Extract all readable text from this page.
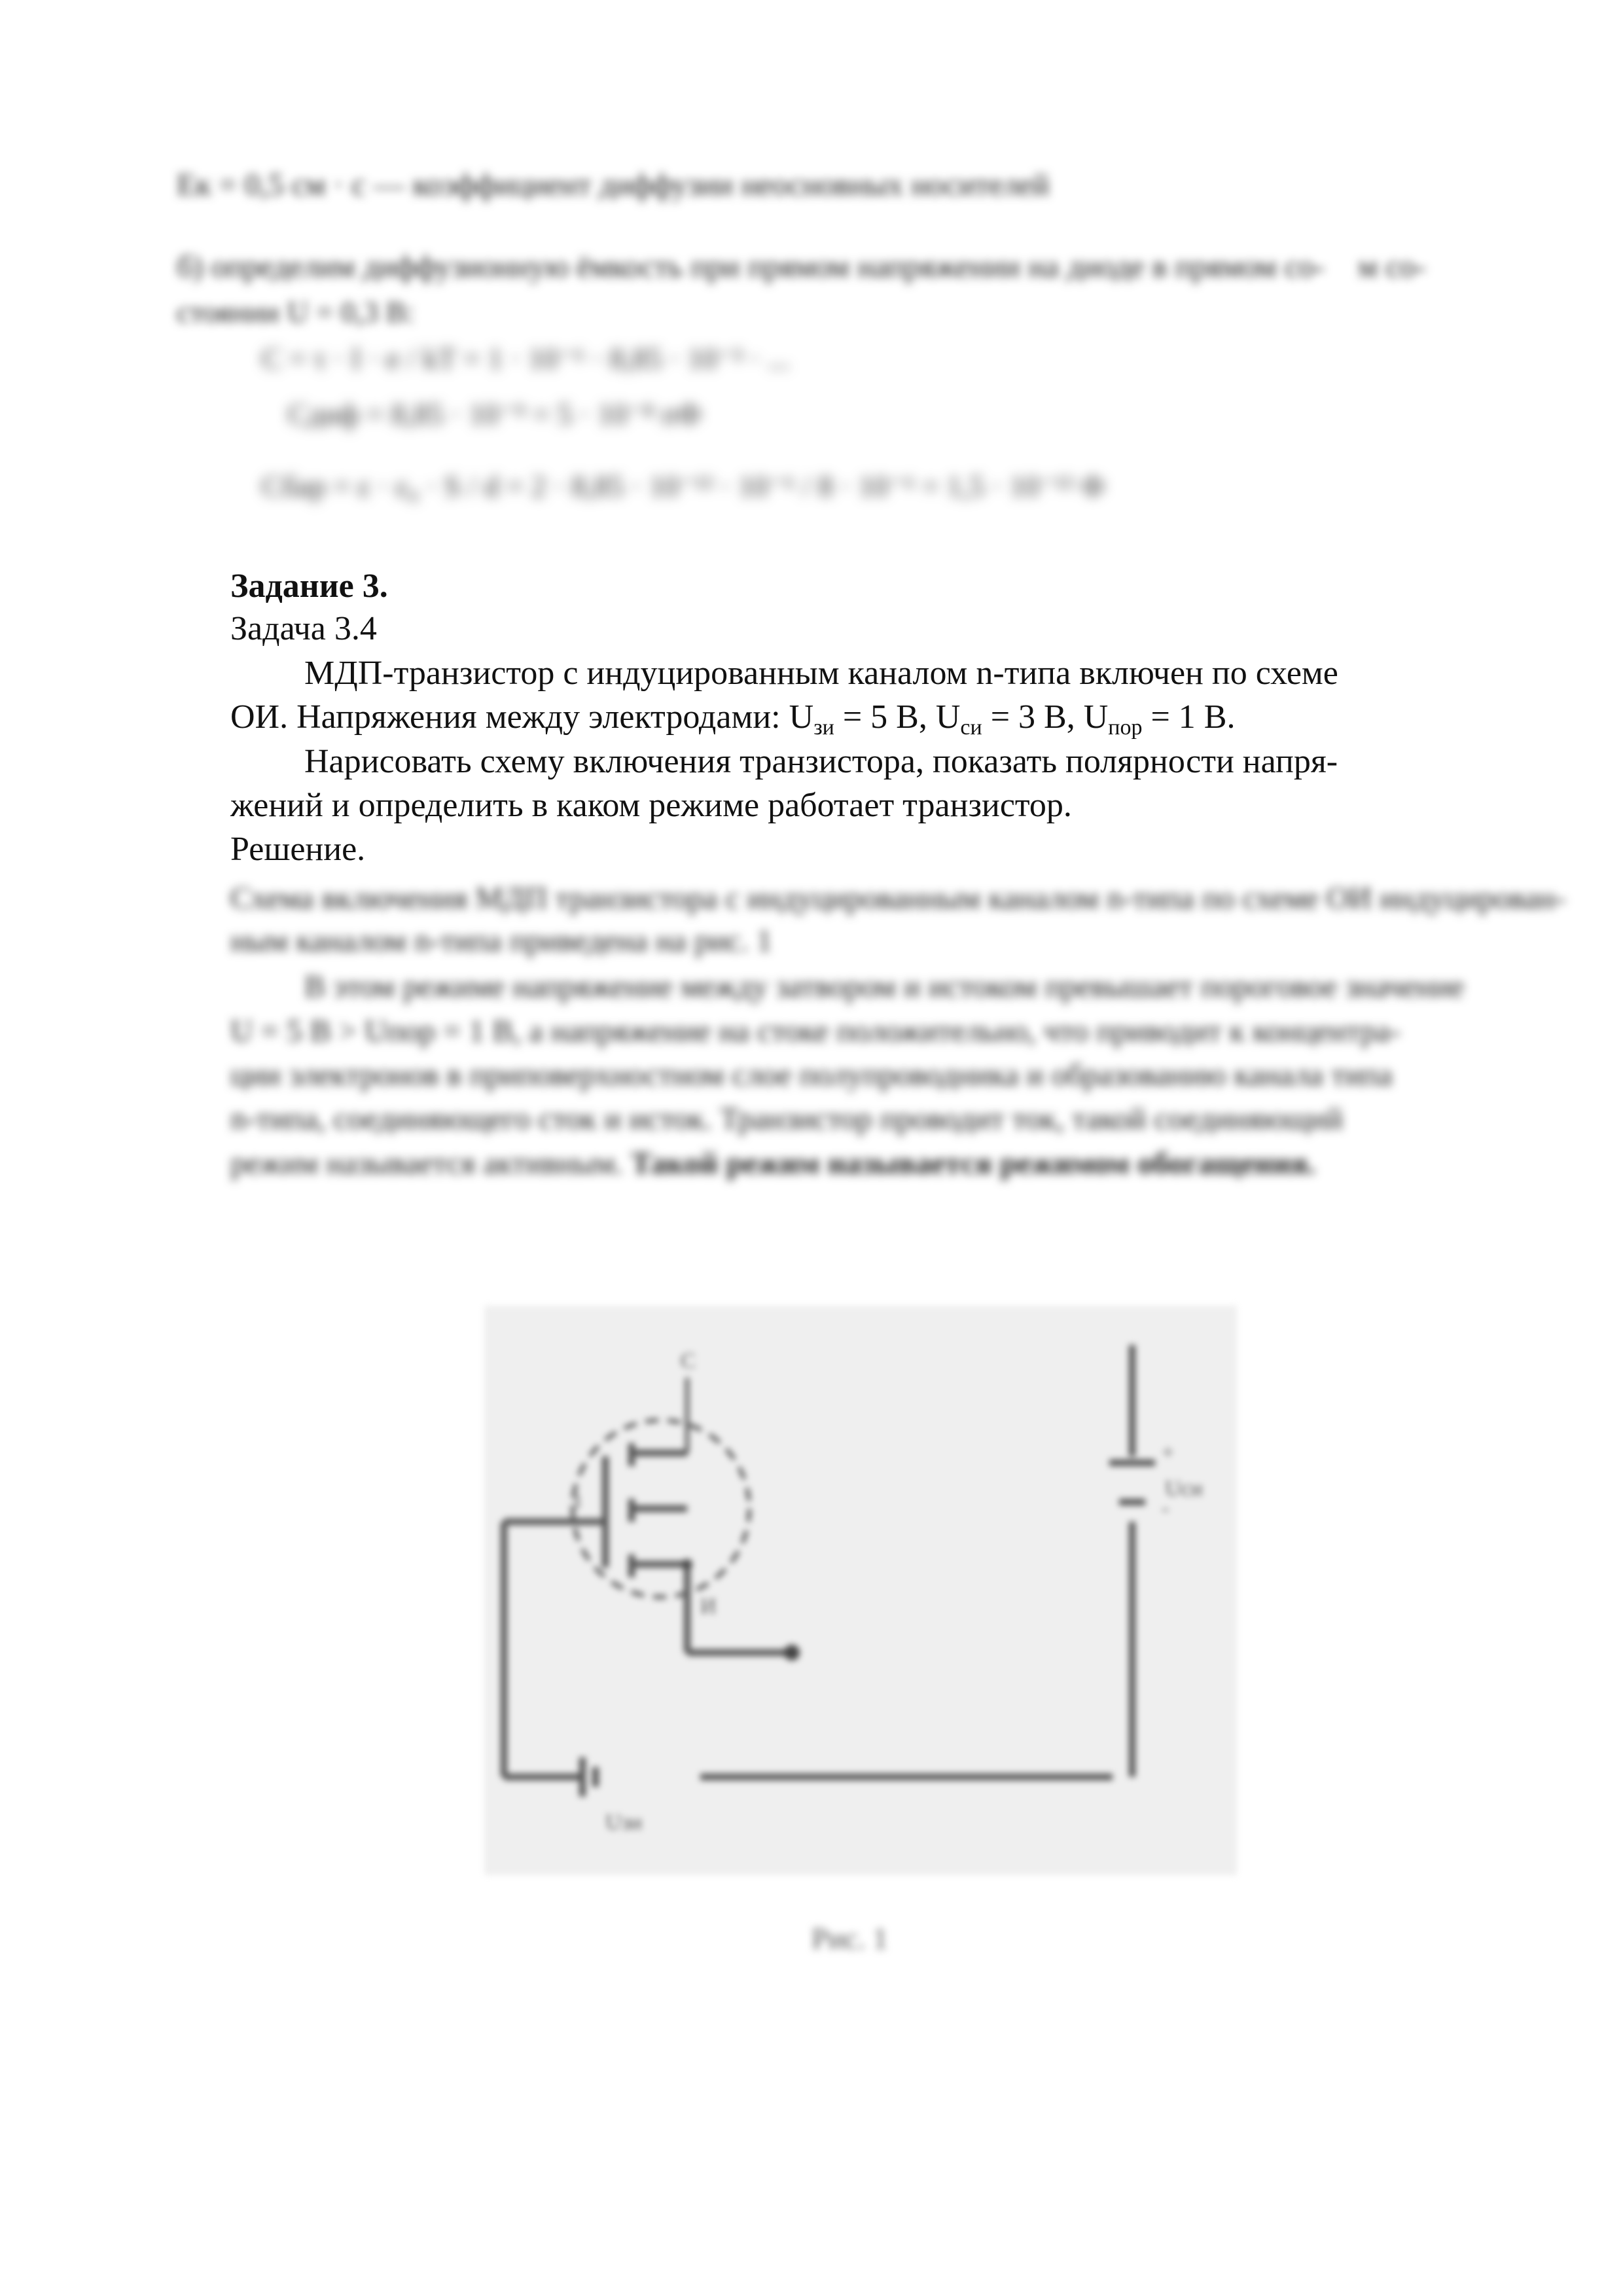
Ек = 0,5 см · с — коэффициент диффузии неосновных носителей
б) определим диффузионную ёмкость при прямом напряжении на диоде в прямом со-
стоянии U = 0,3 В:
С = τ · I · e / kT = 1 · 10⁻⁶ · 8,85 · 10⁻³ · ...
Сдиф = 8,85 · 10⁻⁹ = 5 · 10⁻⁸ пФ
Сбар = ε · ε₀ · S / d = 2 · 8,85 · 10⁻¹² · 10⁻⁶ / 8 · 10⁻⁶ = 1,5 · 10⁻¹² Ф
м со-
Задание 3.
Задача 3.4
МДП-транзистор с индуцированным каналом n-типа включен по схеме
ОИ. Напряжения между электродами: $U_{зи} = 5$ В, $U_{си} = 3$ В, $U_{пор} = 1$ В.
Нарисовать схему включения транзистора, показать полярности напря-
жений и определить в каком режиме работает транзистор.
Решение.
Схема включения МДП транзистора с индуцированным каналом n-типа по схеме ОИ индуцирован-
ным каналом n-типа приведена на рис. 1
В этом режиме напряжение между затвором и истоком превышает пороговое значение
U = 5 В > Uпор = 1 В, а напряжение на стоке положительно, что приводит к концентра-
ции электронов в приповерхностном слое полупроводника и образованию канала типа
n-типа, соединяющего сток и исток. Транзистор проводит ток, такой соединяющий
режим называется активным. Такой режим называется режимом обогащения.
С
З
И
+
-
Uси
Uзи
Рис. 1
